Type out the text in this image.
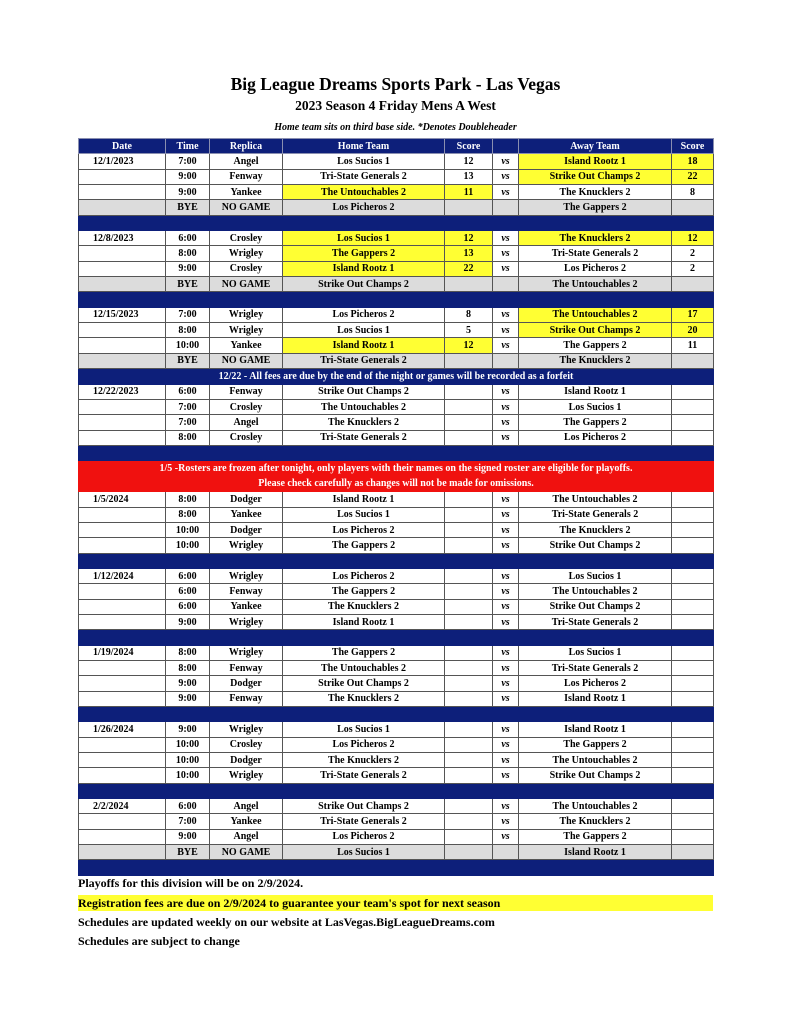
Big League Dreams Sports Park - Las Vegas
2023 Season 4 Friday Mens A West
Home team sits on third base side. *Denotes Doubleheader
Date	Time	Replica	Home Team	Score		Away Team	Score
12/1/2023	7:00	Angel	Los Sucios 1	12	vs	Island Rootz 1	18
	9:00	Fenway	Tri-State Generals 2	13	vs	Strike Out Champs 2	22
	9:00	Yankee	The Untouchables 2	11	vs	The Knucklers 2	8
	BYE	NO GAME	Los Picheros 2			The Gappers 2	

12/8/2023	6:00	Crosley	Los Sucios 1	12	vs	The Knucklers 2	12
	8:00	Wrigley	The Gappers 2	13	vs	Tri-State Generals 2	2
	9:00	Crosley	Island Rootz 1	22	vs	Los Picheros 2	2
	BYE	NO GAME	Strike Out Champs 2			The Untouchables 2	

12/15/2023	7:00	Wrigley	Los Picheros 2	8	vs	The Untouchables 2	17
	8:00	Wrigley	Los Sucios 1	5	vs	Strike Out Champs 2	20
	10:00	Yankee	Island Rootz 1	12	vs	The Gappers 2	11
	BYE	NO GAME	Tri-State Generals 2			The Knucklers 2	
12/22 - All fees are due by the end of the night or games will be recorded as a forfeit							
12/22/2023	6:00	Fenway	Strike Out Champs 2		vs	Island Rootz 1	
	7:00	Crosley	The Untouchables 2		vs	Los Sucios 1	
	7:00	Angel	The Knucklers 2		vs	The Gappers 2	
	8:00	Crosley	Tri-State Generals 2		vs	Los Picheros 2	

1/5 -Rosters are frozen after tonight, only players with their names on the signed roster are eligible for playoffs.
Please check carefully as changes will not be made for omissions.							

1/5/2024	8:00	Dodger	Island Rootz 1		vs	The Untouchables 2	
	8:00	Yankee	Los Sucios 1		vs	Tri-State Generals 2	
	10:00	Dodger	Los Picheros 2		vs	The Knucklers 2	
	10:00	Wrigley	The Gappers 2		vs	Strike Out Champs 2	

1/12/2024	6:00	Wrigley	Los Picheros 2		vs	Los Sucios 1	
	6:00	Fenway	The Gappers 2		vs	The Untouchables 2	
	6:00	Yankee	The Knucklers 2		vs	Strike Out Champs 2	
	9:00	Wrigley	Island Rootz 1		vs	Tri-State Generals 2	

1/19/2024	8:00	Wrigley	The Gappers 2		vs	Los Sucios 1	
	8:00	Fenway	The Untouchables 2		vs	Tri-State Generals 2	
	9:00	Dodger	Strike Out Champs 2		vs	Los Picheros 2	
	9:00	Fenway	The Knucklers 2		vs	Island Rootz 1	

1/26/2024	9:00	Wrigley	Los Sucios 1		vs	Island Rootz 1	
	10:00	Crosley	Los Picheros 2		vs	The Gappers 2	
	10:00	Dodger	The Knucklers 2		vs	The Untouchables 2	
	10:00	Wrigley	Tri-State Generals 2		vs	Strike Out Champs 2	

2/2/2024	6:00	Angel	Strike Out Champs 2		vs	The Untouchables 2	
	7:00	Yankee	Tri-State Generals 2		vs	The Knucklers 2	
	9:00	Angel	Los Picheros 2		vs	The Gappers 2	
	BYE	NO GAME	Los Sucios 1			Island Rootz 1	

Playoffs for this division will be on 2/9/2024.
Registration fees are due on 2/9/2024 to guarantee your team's spot for next season
Schedules are updated weekly on our website at LasVegas.BigLeagueDreams.com
Schedules are subject to change
